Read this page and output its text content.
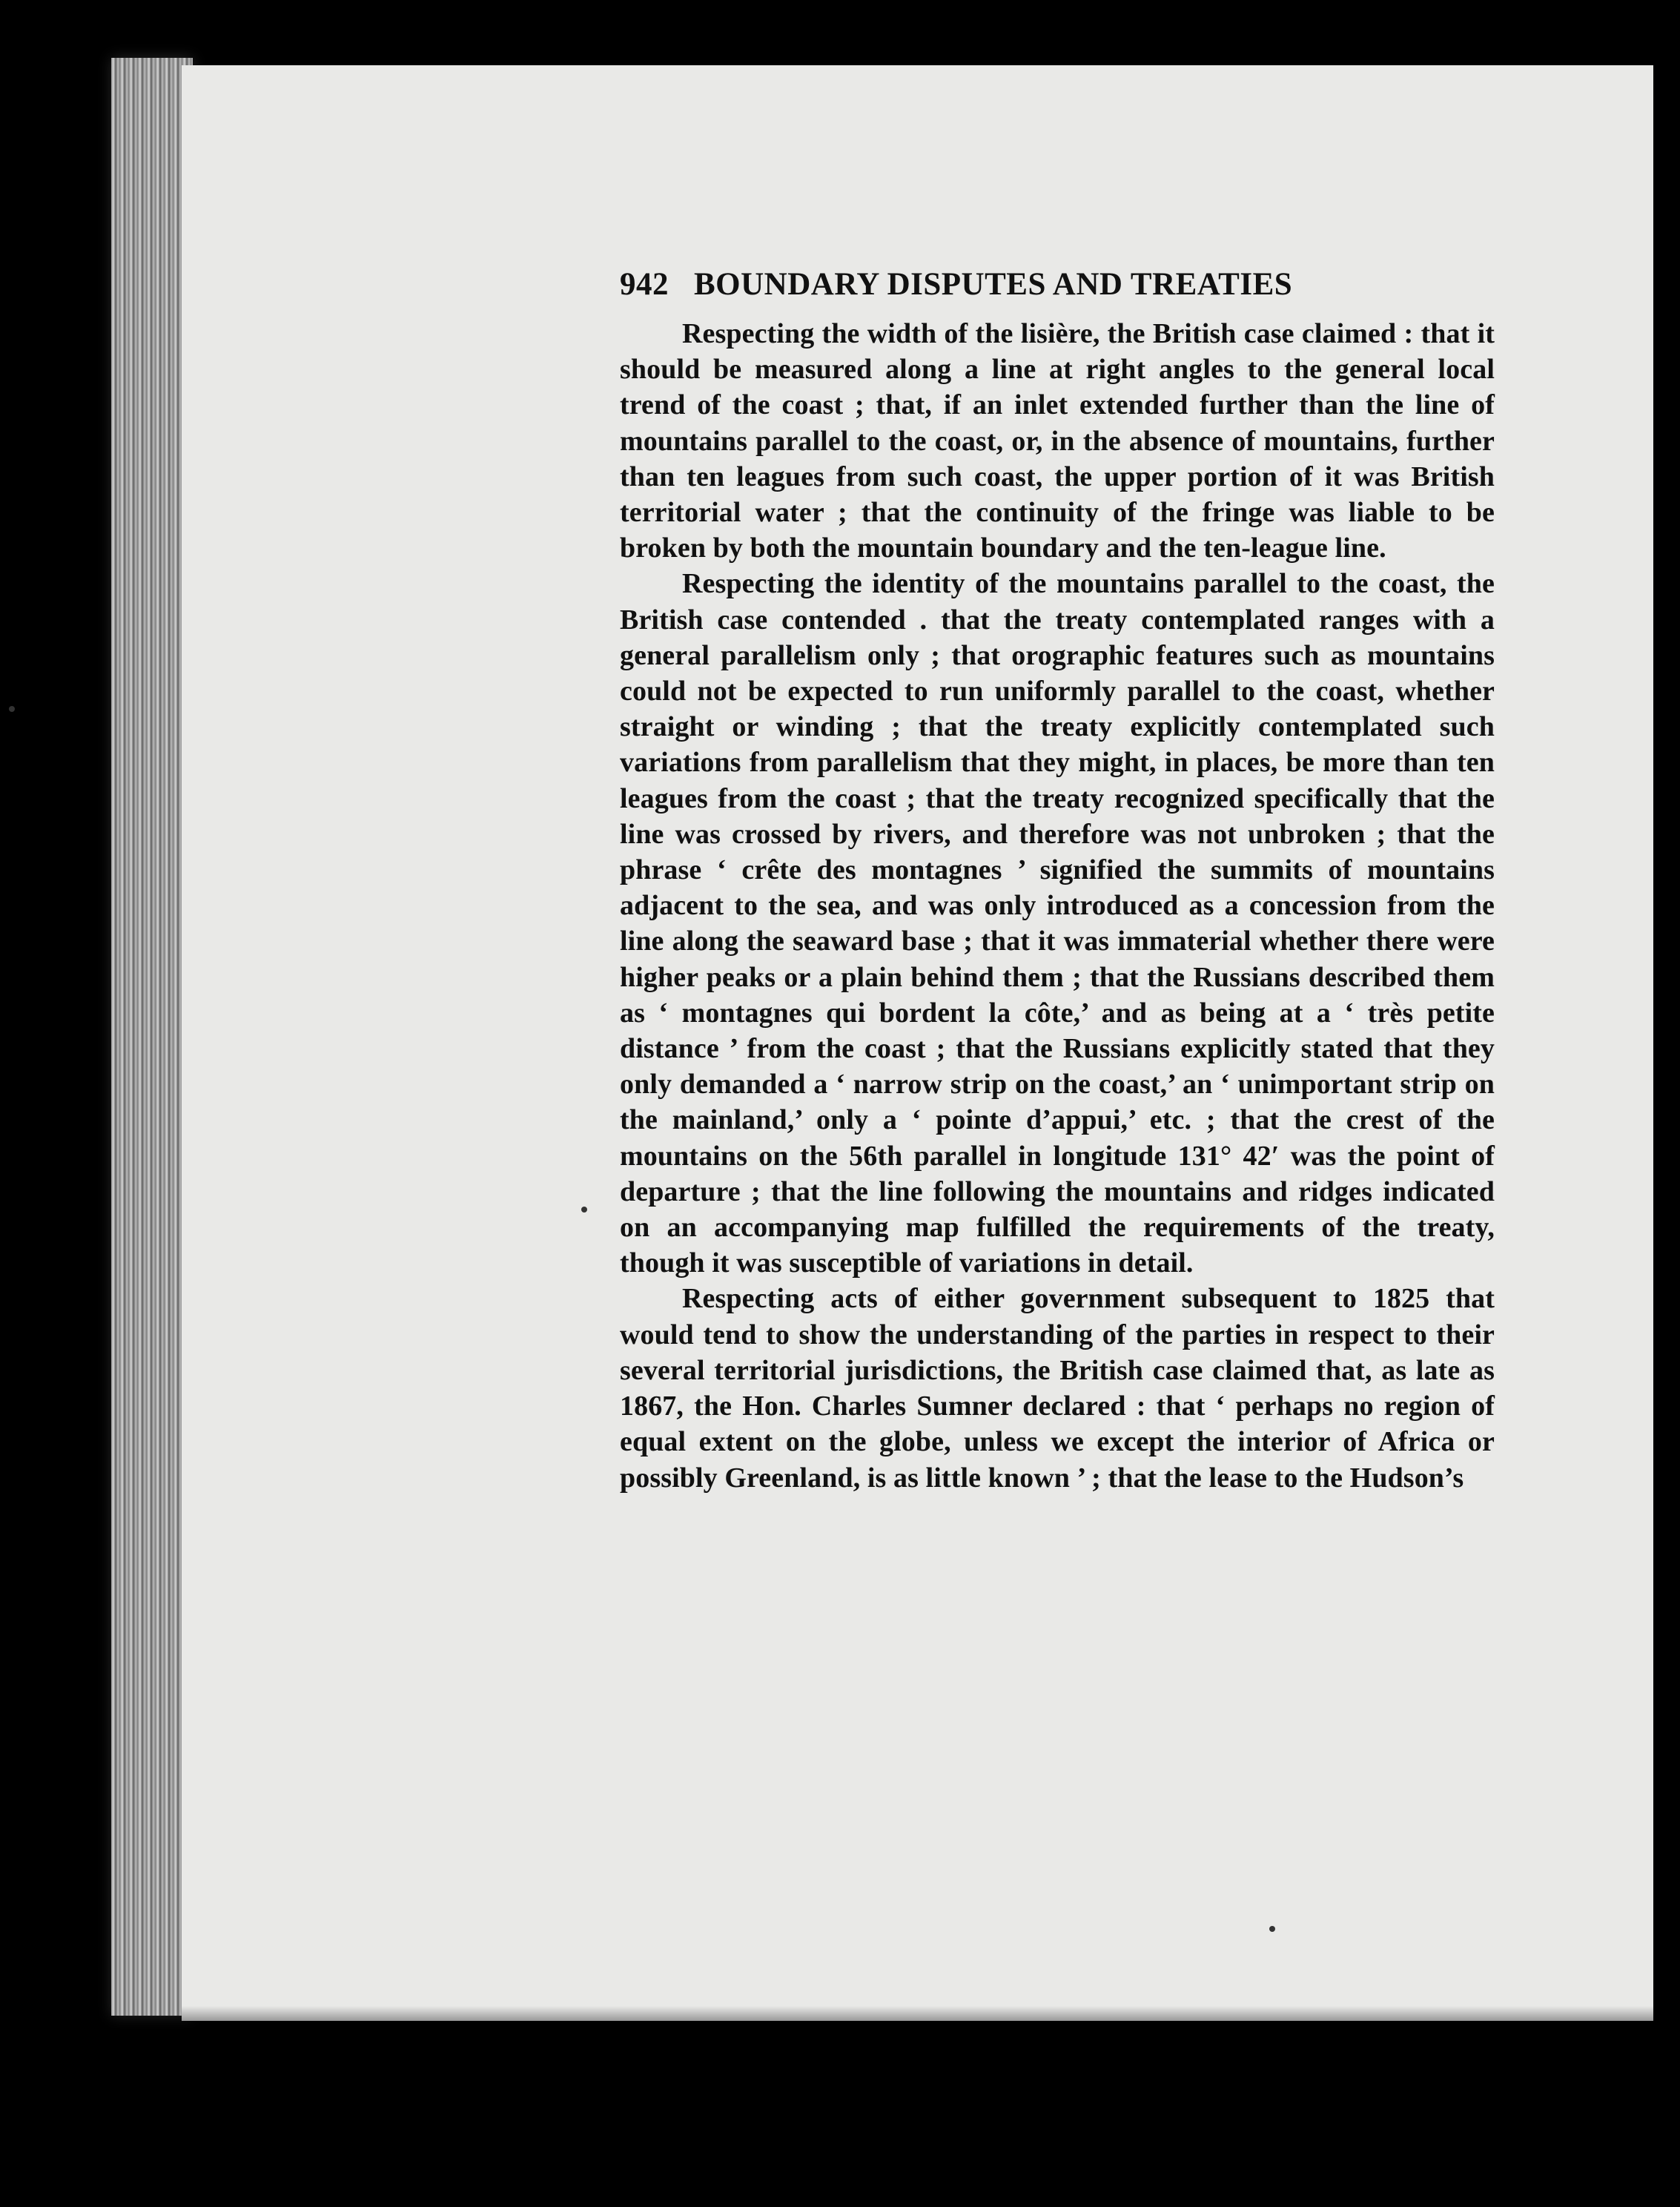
942 BOUNDARY DISPUTES AND TREATIES

Respecting the width of the lisière, the British case claimed : that it should be measured along a line at right angles to the general local trend of the coast ; that, if an inlet extended further than the line of mountains parallel to the coast, or, in the absence of mountains, further than ten leagues from such coast, the upper portion of it was British territorial water ; that the continuity of the fringe was liable to be broken by both the mountain boundary and the ten-league line.

Respecting the identity of the mountains parallel to the coast, the British case contended . that the treaty contemplated ranges with a general parallelism only ; that orographic features such as mountains could not be expected to run uniformly parallel to the coast, whether straight or winding ; that the treaty explicitly contemplated such variations from parallelism that they might, in places, be more than ten leagues from the coast ; that the treaty recognized specifically that the line was crossed by rivers, and therefore was not unbroken ; that the phrase ‘ crête des montagnes ’ signified the summits of mountains adjacent to the sea, and was only introduced as a concession from the line along the seaward base ; that it was immaterial whether there were higher peaks or a plain behind them ; that the Russians described them as ‘ montagnes qui bordent la côte,’ and as being at a ‘ très petite distance ’ from the coast ; that the Russians explicitly stated that they only demanded a ‘ narrow strip on the coast,’ an ‘ unimportant strip on the mainland,’ only a ‘ pointe d’appui,’ etc. ; that the crest of the mountains on the 56th parallel in longitude 131° 42′ was the point of departure ; that the line following the mountains and ridges indicated on an accompanying map fulfilled the requirements of the treaty, though it was susceptible of variations in detail.

Respecting acts of either government subsequent to 1825 that would tend to show the understanding of the parties in respect to their several territorial jurisdictions, the British case claimed that, as late as 1867, the Hon. Charles Sumner declared : that ‘ perhaps no region of equal extent on the globe, unless we except the interior of Africa or possibly Greenland, is as little known ’ ; that the lease to the Hudson’s
